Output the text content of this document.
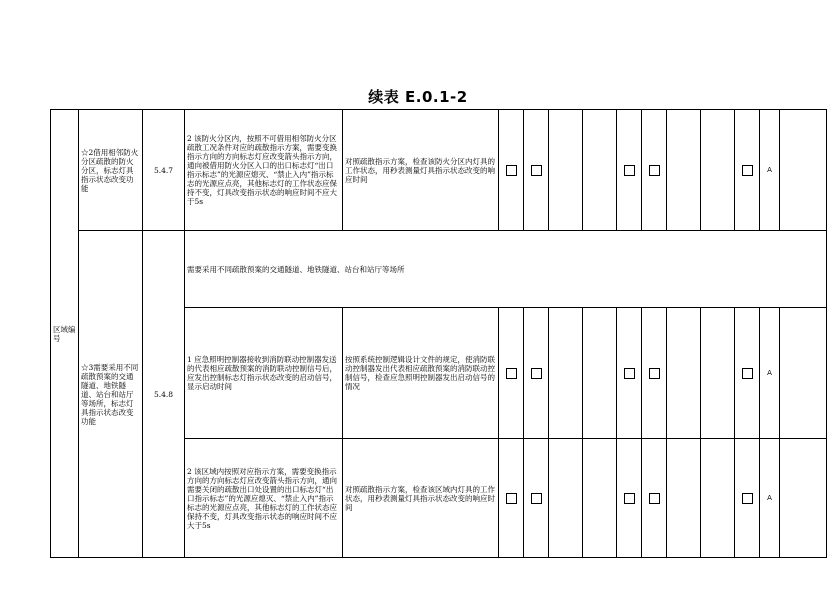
续表 E.0.1-2
区域编号	☆2借用相邻防火分区疏散的防火分区，标志灯具指示状态改变功能	5.4.7	2 该防火分区内，按照不可借用相邻防火分区疏散工况条件对应的疏散指示方案，需要变换指示方向的方向标志灯应改变箭头指示方向，通向被借用防火分区入口的出口标志灯“出口指示标志”的光源应熄灭、“禁止入内”指示标志的光源应点亮，其他标志灯的工作状态应保持不变，灯具改变指示状态的响应时间不应大于5s	对照疏散指示方案，检查该防火分区内灯具的工作状态，用秒表测量灯具指示状态改变的响应时间										A	
	☆3需要采用不同疏散预案的交通隧道、地铁隧道、站台和站厅等场所，标志灯具指示状态改变功能	5.4.8	需要采用不同疏散预案的交通隧道、地铁隧道、站台和站厅等场所												
			1 应急照明控制器接收到消防联动控制器发送的代表相应疏散预案的消防联动控制信号后，应发出控制标志灯指示状态改变的启动信号，显示启动时间	按照系统控制逻辑设计文件的规定，使消防联动控制器发出代表相应疏散预案的消防联动控制信号，检查应急照明控制器发出启动信号的情况										A	
			2 该区域内按照对应指示方案，需要变换指示方向的方向标志灯应改变箭头指示方向，通向需要关闭的疏散出口处设置的出口标志灯“出口指示标志”的光源应熄灭、“禁止入内”指示标志的光源应点亮，其他标志灯的工作状态应保持不变，灯具改变指示状态的响应时间不应大于5s	对照疏散指示方案，检查该区域内灯具的工作状态，用秒表测量灯具指示状态改变的响应时间										A	
